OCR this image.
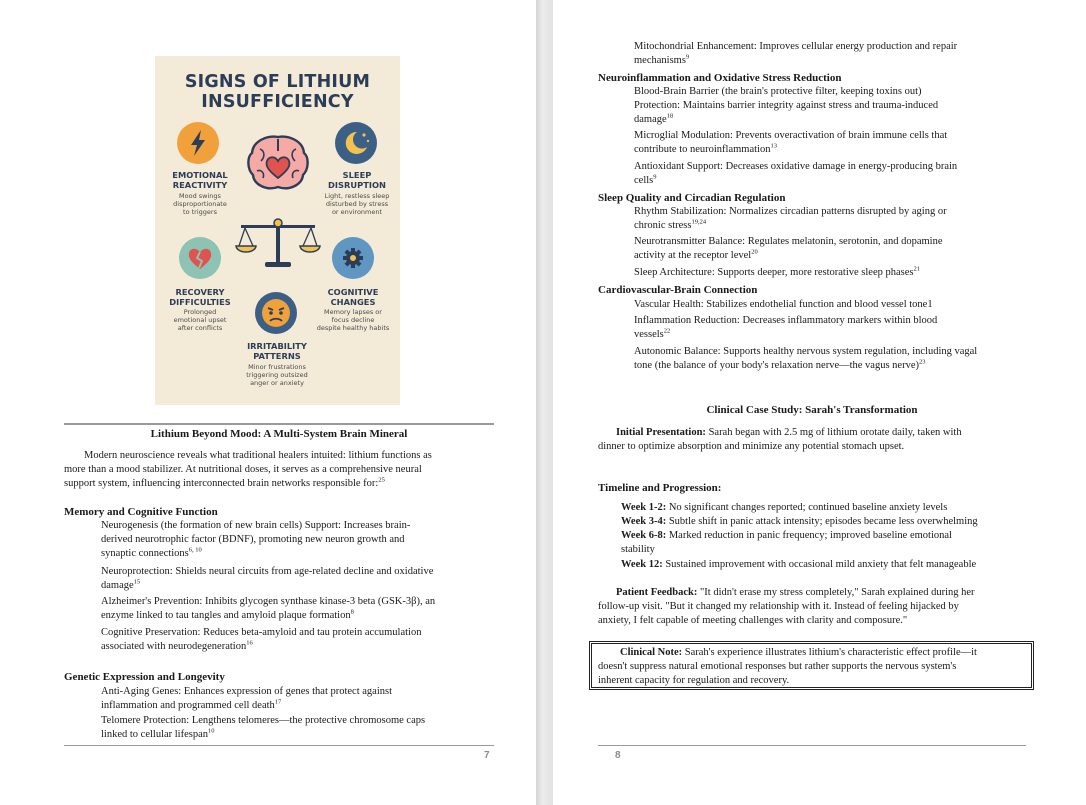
SIGNS OF LITHIUM
INSUFFICIENCY
EMOTIONAL
REACTIVITY
Mood swings
disproportionate
to triggers
SLEEP
DISRUPTION
Light, restless sleep
disturbed by stress
or environment
RECOVERY
DIFFICULTIES
Prolonged
emotional upset
after conflicts
COGNITIVE
CHANGES
Memory lapses or
focus decline
despite healthy habits
IRRITABILITY
PATTERNS
Minor frustrations
triggering outsized
anger or anxiety
Lithium Beyond Mood: A Multi-System Brain Mineral
Modern neuroscience reveals what traditional healers intuited: lithium functions as
more than a mood stabilizer. At nutritional doses, it serves as a comprehensive neural
support system, influencing interconnected brain networks responsible for:$^{25}$
Memory and Cognitive Function
Neurogenesis (the formation of new brain cells) Support: Increases brain-
derived neurotrophic factor (BDNF), promoting new neuron growth and
synaptic connections$^{6, 10}$
Neuroprotection: Shields neural circuits from age-related decline and oxidative
damage$^{15}$
Alzheimer's Prevention: Inhibits glycogen synthase kinase-3 beta (GSK-3β), an
enzyme linked to tau tangles and amyloid plaque formation$^8$
Cognitive Preservation: Reduces beta-amyloid and tau protein accumulation
associated with neurodegeneration$^{16}$
Genetic Expression and Longevity
Anti-Aging Genes: Enhances expression of genes that protect against
inflammation and programmed cell death$^{17}$
Telomere Protection: Lengthens telomeres—the protective chromosome caps
linked to cellular lifespan$^{10}$
7
Mitochondrial Enhancement: Improves cellular energy production and repair
mechanisms$^9$
Neuroinflammation and Oxidative Stress Reduction
Blood-Brain Barrier (the brain's protective filter, keeping toxins out)
Protection: Maintains barrier integrity against stress and trauma-induced
damage$^{18}$
Microglial Modulation: Prevents overactivation of brain immune cells that
contribute to neuroinflammation$^{13}$
Antioxidant Support: Decreases oxidative damage in energy-producing brain
cells$^9$
Sleep Quality and Circadian Regulation
Rhythm Stabilization: Normalizes circadian patterns disrupted by aging or
chronic stress$^{19,24}$
Neurotransmitter Balance: Regulates melatonin, serotonin, and dopamine
activity at the receptor level$^{20}$
Sleep Architecture: Supports deeper, more restorative sleep phases$^{21}$
Cardiovascular-Brain Connection
Vascular Health: Stabilizes endothelial function and blood vessel tone1
Inflammation Reduction: Decreases inflammatory markers within blood
vessels$^{22}$
Autonomic Balance: Supports healthy nervous system regulation, including vagal
tone (the balance of your body's relaxation nerve—the vagus nerve)$^{23}$
Clinical Case Study: Sarah's Transformation
Initial Presentation: Sarah began with 2.5 mg of lithium orotate daily, taken with
dinner to optimize absorption and minimize any potential stomach upset.
Timeline and Progression:
Week 1-2: No significant changes reported; continued baseline anxiety levels
Week 3-4: Subtle shift in panic attack intensity; episodes became less overwhelming
Week 6-8: Marked reduction in panic frequency; improved baseline emotional
stability
Week 12: Sustained improvement with occasional mild anxiety that felt manageable
Patient Feedback: "It didn't erase my stress completely," Sarah explained during her
follow-up visit. "But it changed my relationship with it. Instead of feeling hijacked by
anxiety, I felt capable of meeting challenges with clarity and composure."
Clinical Note: Sarah's experience illustrates lithium's characteristic effect profile—it
doesn't suppress natural emotional responses but rather supports the nervous system's
inherent capacity for regulation and recovery.
8
